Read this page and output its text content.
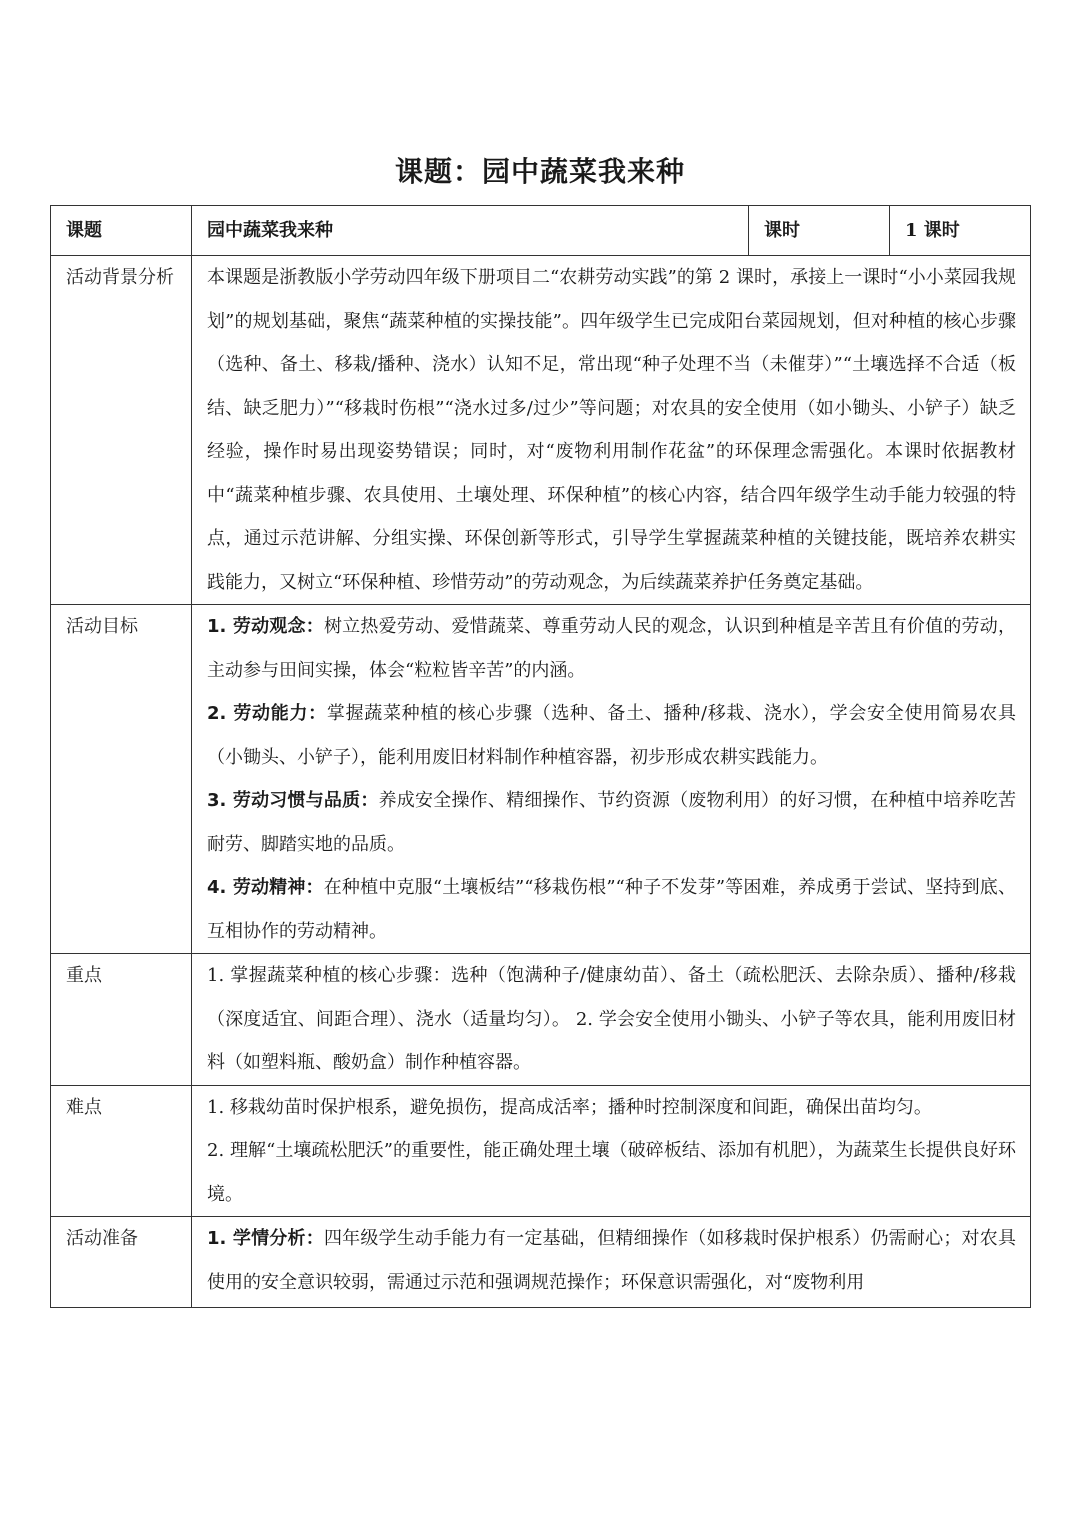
课题：园中蔬菜我来种
课题	园中蔬菜我来种	课时	1 课时
活动背景分析	本课题是浙教版小学劳动四年级下册项目二“农耕劳动实践”的第 2 课时，承接上一课时“小小菜园我规划”的规划基础，聚焦“蔬菜种植的实操技能”。四年级学生已完成阳台菜园规划，但对种植的核心步骤（选种、备土、移栽/播种、浇水）认知不足，常出现“种子处理不当（未催芽）”“土壤选择不合适（板结、缺乏肥力）”“移栽时伤根”“浇水过多/过少”等问题；对农具的安全使用（如小锄头、小铲子）缺乏经验，操作时易出现姿势错误；同时，对“废物利用制作花盆”的环保理念需强化。本课时依据教材中“蔬菜种植步骤、农具使用、土壤处理、环保种植”的核心内容，结合四年级学生动手能力较强的特点，通过示范讲解、分组实操、环保创新等形式，引导学生掌握蔬菜种植的关键技能，既培养农耕实践能力，又树立“环保种植、珍惜劳动”的劳动观念，为后续蔬菜养护任务奠定基础。		
活动目标	1. 劳动观念：树立热爱劳动、爱惜蔬菜、尊重劳动人民的观念，认识到种植是辛苦且有价值的劳动，主动参与田间实操，体会“粒粒皆辛苦”的内涵。

2. 劳动能力：掌握蔬菜种植的核心步骤（选种、备土、播种/移栽、浇水），学会安全使用简易农具（小锄头、小铲子），能利用废旧材料制作种植容器，初步形成农耕实践能力。

3. 劳动习惯与品质：养成安全操作、精细操作、节约资源（废物利用）的好习惯，在种植中培养吃苦耐劳、脚踏实地的品质。

4. 劳动精神：在种植中克服“土壤板结”“移栽伤根”“种子不发芽”等困难，养成勇于尝试、坚持到底、互相协作的劳动精神。		

重点	1. 掌握蔬菜种植的核心步骤：选种（饱满种子/健康幼苗）、备土（疏松肥沃、去除杂质）、播种/移栽（深度适宜、间距合理）、浇水（适量均匀）。 2. 学会安全使用小锄头、小铲子等农具，能利用废旧材料（如塑料瓶、酸奶盒）制作种植容器。		
难点	1. 移栽幼苗时保护根系，避免损伤，提高成活率；播种时控制深度和间距，确保出苗均匀。

2. 理解“土壤疏松肥沃”的重要性，能正确处理土壤（破碎板结、添加有机肥），为蔬菜生长提供良好环境。		

活动准备	1. 学情分析：四年级学生动手能力有一定基础，但精细操作（如移栽时保护根系）仍需耐心；对农具使用的安全意识较弱，需通过示范和强调规范操作；环保意识需强化，对“废物利用		
